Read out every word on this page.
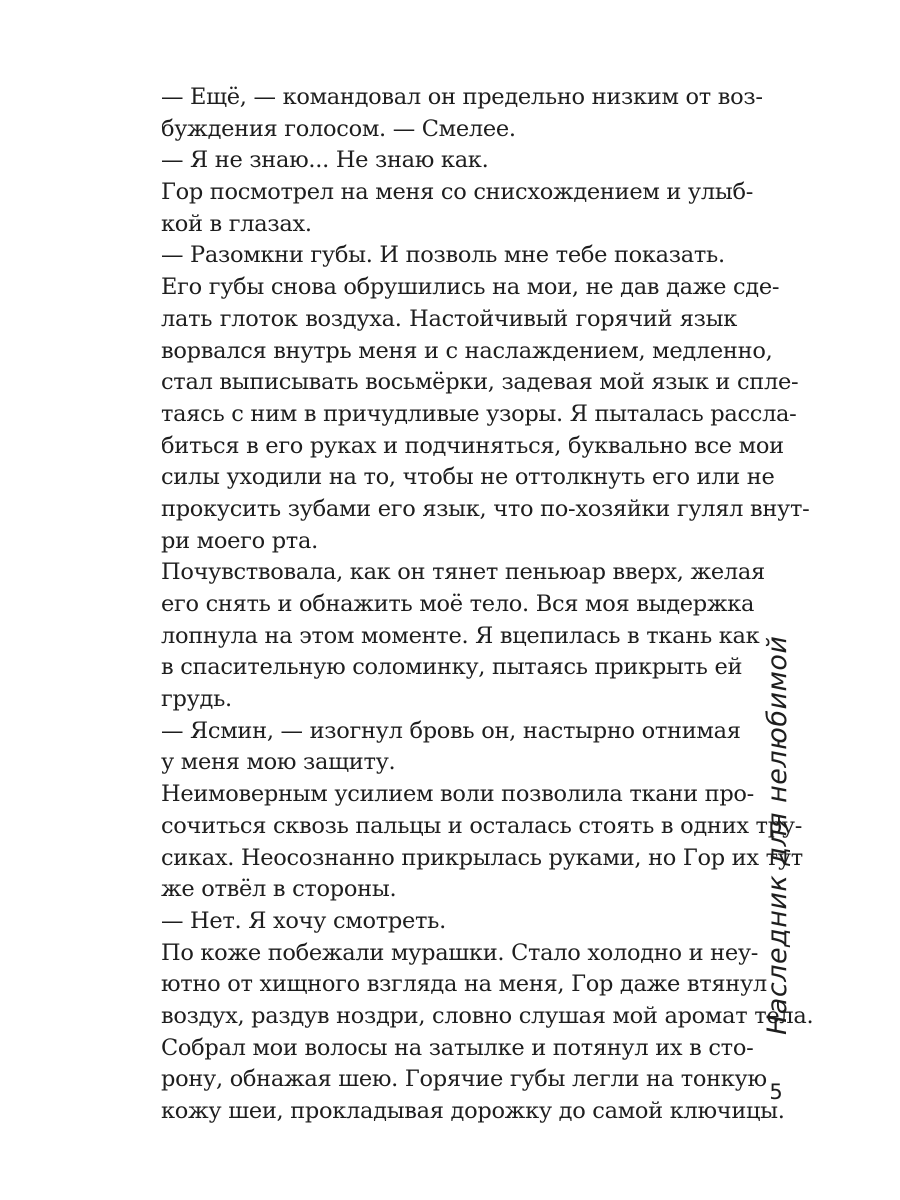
— Ещё, — командовал он предельно низким от воз-
буждения голосом. — Смелее.
— Я не знаю... Не знаю как.
Гор посмотрел на меня со снисхождением и улыб-
кой в глазах.
— Разомкни губы. И позволь мне тебе показать.
Его губы снова обрушились на мои, не дав даже сде-
лать глоток воздуха. Настойчивый горячий язык
ворвался внутрь меня и с наслаждением, медленно,
стал выписывать восьмёрки, задевая мой язык и спле-
таясь с ним в причудливые узоры. Я пыталась рассла-
биться в его руках и подчиняться, буквально все мои
силы уходили на то, чтобы не оттолкнуть его или не
прокусить зубами его язык, что по-хозяйки гулял внут-
ри моего рта.
Почувствовала, как он тянет пеньюар вверх, желая
его снять и обнажить моё тело. Вся моя выдержка
лопнула на этом моменте. Я вцепилась в ткань как
в спасительную соломинку, пытаясь прикрыть ей
грудь.
— Ясмин, — изогнул бровь он, настырно отнимая
у меня мою защиту.
Неимоверным усилием воли позволила ткани про-
сочиться сквозь пальцы и осталась стоять в одних тру-
сиках. Неосознанно прикрылась руками, но Гор их тут
же отвёл в стороны.
— Нет. Я хочу смотреть.
По коже побежали мурашки. Стало холодно и неу-
ютно от хищного взгляда на меня, Гор даже втянул
воздух, раздув ноздри, словно слушая мой аромат тела.
Собрал мои волосы на затылке и потянул их в сто-
рону, обнажая шею. Горячие губы легли на тонкую
кожу шеи, прокладывая дорожку до самой ключицы.
Наследник для нелюбимой
5
